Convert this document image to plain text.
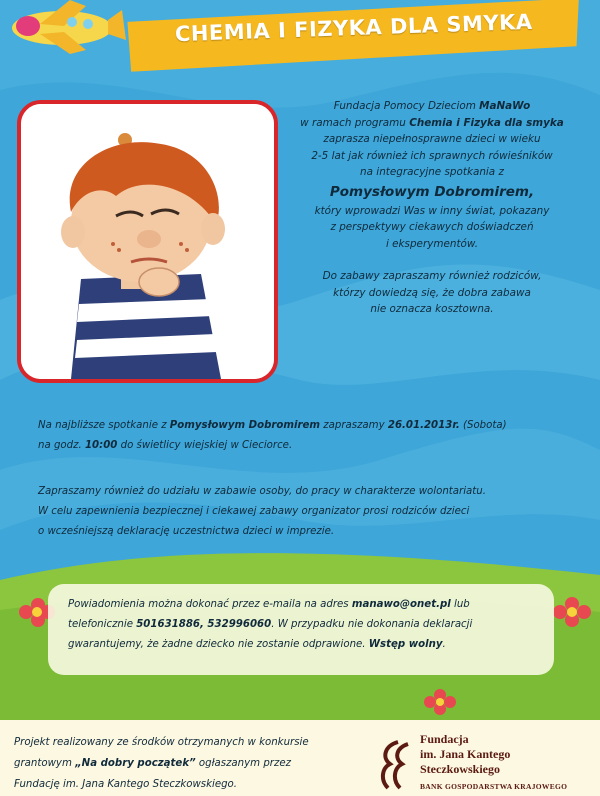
CHEMIA I FIZYKA DLA SMYKA
Fundacja Pomocy Dzieciom MaNaWo
w ramach programu Chemia i Fizyka dla smyka
zaprasza niepełnosprawne dzieci w wieku
2-5 lat jak również ich sprawnych rówieśników
na integracyjne spotkania z
Pomysłowym Dobromirem,
który wprowadzi Was w inny świat, pokazany
z perspektywy ciekawych doświadczeń
i eksperymentów.
Do zabawy zapraszamy również rodziców,
którzy dowiedzą się, że dobra zabawa
nie oznacza kosztowna.
Na najbliższe spotkanie z Pomysłowym Dobromirem zapraszamy 26.01.2013r. (Sobota)
na godz. 10:00 do świetlicy wiejskiej w Cieciorce.
Zapraszamy również do udziału w zabawie osoby, do pracy w charakterze wolontariatu.
W celu zapewnienia bezpiecznej i ciekawej zabawy organizator prosi rodziców dzieci
o wcześniejszą deklarację uczestnictwa dzieci w imprezie.
Powiadomienia można dokonać przez e-maila na adres manawo@onet.pl lub
telefonicznie 501631886, 532996060. W przypadku nie dokonania deklaracji
gwarantujemy, że żadne dziecko nie zostanie odprawione. Wstęp wolny.
Projekt realizowany ze środków otrzymanych w konkursie
grantowym „Na dobry początek” ogłaszanym przez
Fundację im. Jana Kantego Steczkowskiego.
Fundacja
im. Jana Kantego
Steczkowskiego
BANK GOSPODARSTWA KRAJOWEGO
